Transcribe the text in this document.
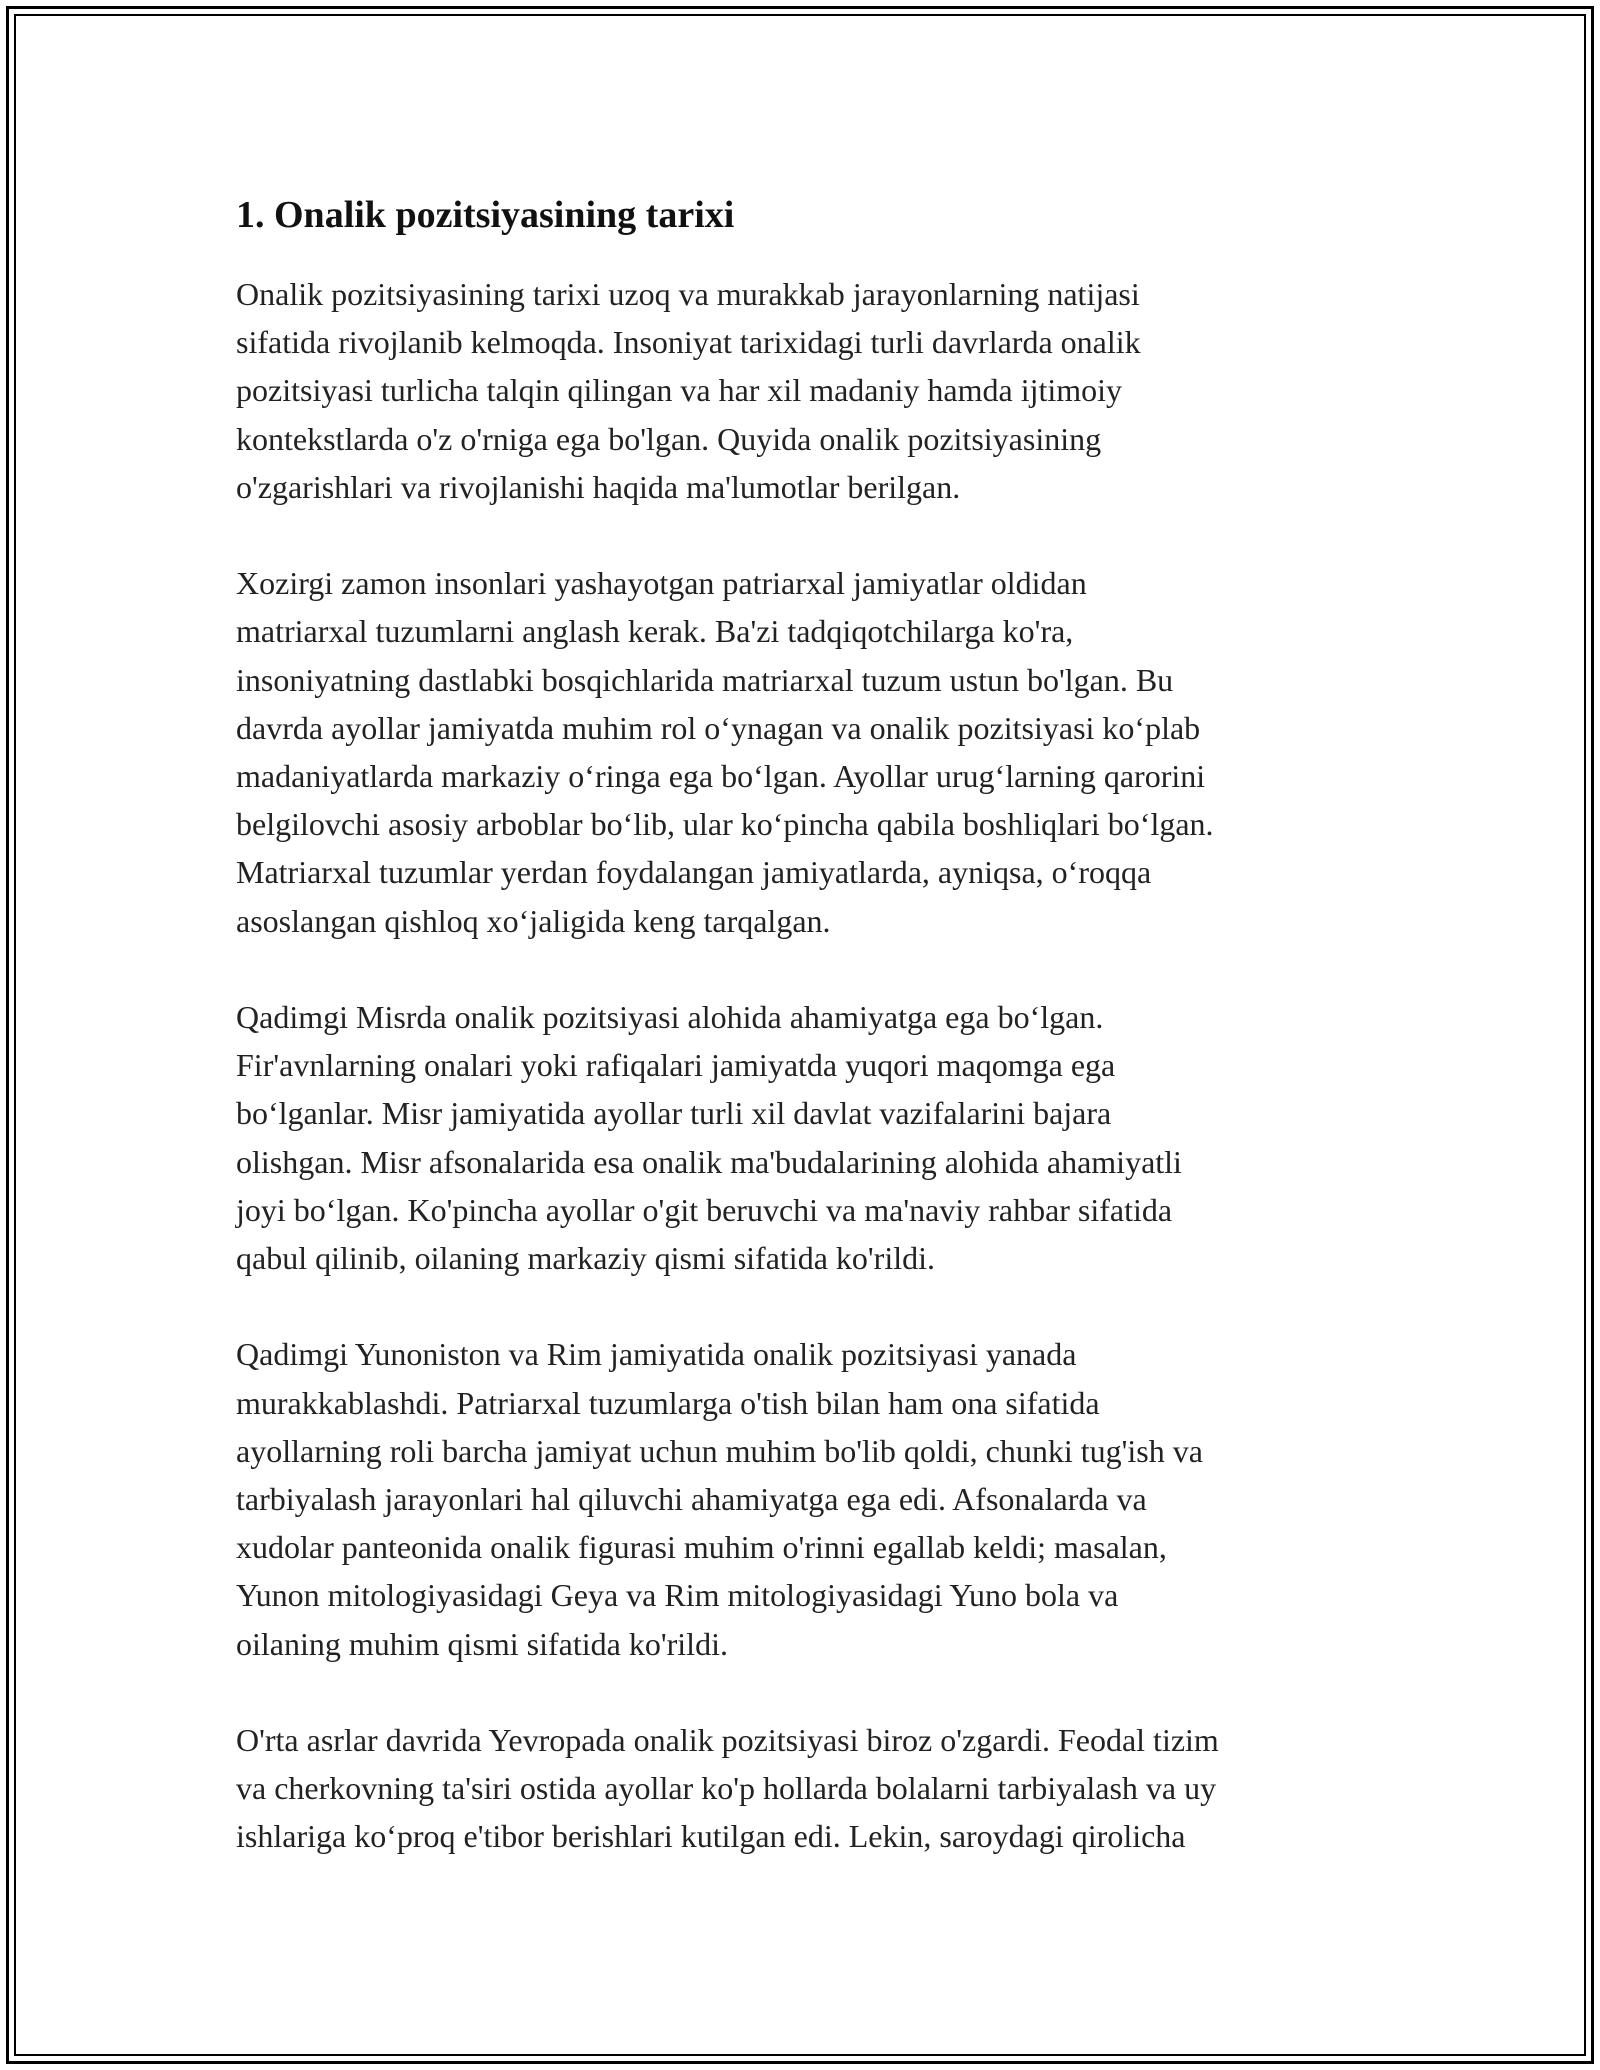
1. Onalik pozitsiyasining tarixi

Onalik pozitsiyasining tarixi uzoq va murakkab jarayonlarning natijasi
sifatida rivojlanib kelmoqda. Insoniyat tarixidagi turli davrlarda onalik
pozitsiyasi turlicha talqin qilingan va har xil madaniy hamda ijtimoiy
kontekstlarda o'z o'rniga ega bo'lgan. Quyida onalik pozitsiyasining
o'zgarishlari va rivojlanishi haqida ma'lumotlar berilgan.

Xozirgi zamon insonlari yashayotgan patriarxal jamiyatlar oldidan
matriarxal tuzumlarni anglash kerak. Ba'zi tadqiqotchilarga ko'ra,
insoniyatning dastlabki bosqichlarida matriarxal tuzum ustun bo'lgan. Bu
davrda ayollar jamiyatda muhim rol o‘ynagan va onalik pozitsiyasi ko‘plab
madaniyatlarda markaziy o‘ringa ega bo‘lgan. Ayollar urug‘larning qarorini
belgilovchi asosiy arboblar bo‘lib, ular ko‘pincha qabila boshliqlari bo‘lgan.
Matriarxal tuzumlar yerdan foydalangan jamiyatlarda, ayniqsa, o‘roqqa
asoslangan qishloq xo‘jaligida keng tarqalgan.

Qadimgi Misrda onalik pozitsiyasi alohida ahamiyatga ega bo‘lgan.
Fir'avnlarning onalari yoki rafiqalari jamiyatda yuqori maqomga ega
bo‘lganlar. Misr jamiyatida ayollar turli xil davlat vazifalarini bajara
olishgan. Misr afsonalarida esa onalik ma'budalarining alohida ahamiyatli
joyi bo‘lgan. Ko'pincha ayollar o'git beruvchi va ma'naviy rahbar sifatida
qabul qilinib, oilaning markaziy qismi sifatida ko'rildi.

Qadimgi Yunoniston va Rim jamiyatida onalik pozitsiyasi yanada
murakkablashdi. Patriarxal tuzumlarga o'tish bilan ham ona sifatida
ayollarning roli barcha jamiyat uchun muhim bo'lib qoldi, chunki tug'ish va
tarbiyalash jarayonlari hal qiluvchi ahamiyatga ega edi. Afsonalarda va
xudolar panteonida onalik figurasi muhim o'rinni egallab keldi; masalan,
Yunon mitologiyasidagi Geya va Rim mitologiyasidagi Yuno bola va
oilaning muhim qismi sifatida ko'rildi.

O'rta asrlar davrida Yevropada onalik pozitsiyasi biroz o'zgardi. Feodal tizim
va cherkovning ta'siri ostida ayollar ko'p hollarda bolalarni tarbiyalash va uy
ishlariga ko‘proq e'tibor berishlari kutilgan edi. Lekin, saroydagi qirolicha
